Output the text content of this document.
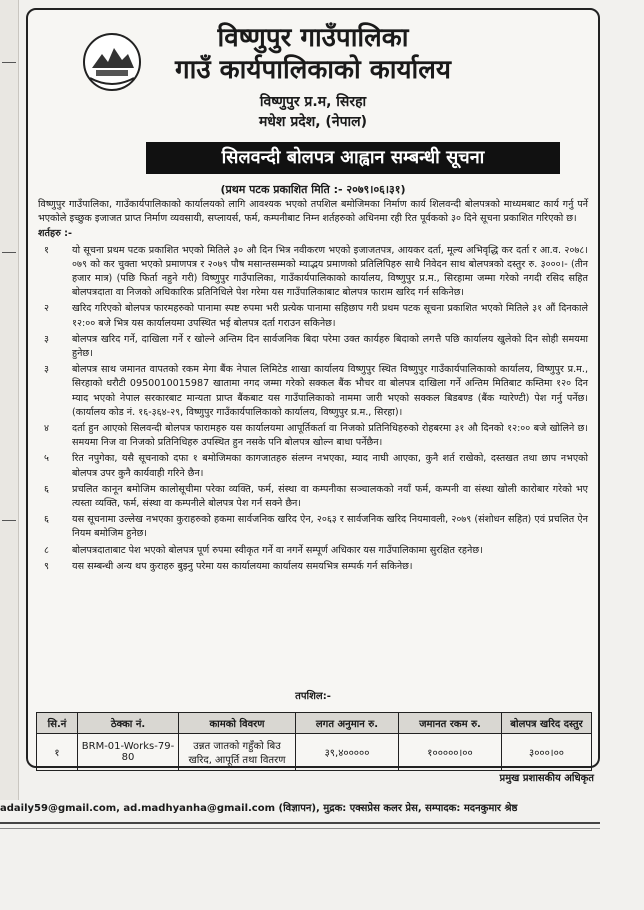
विष्णुपुर गाउँपालिका
गाउँ कार्यपालिकाको कार्यालय
विष्णुपुर प्र.म, सिरहा
मधेश प्रदेश, (नेपाल)
सिलवन्दी बोलपत्र आह्वान सम्बन्धी सूचना
(प्रथम पटक प्रकाशित मिति :- २०७९।०६।३१)
विष्णुपुर गाउँपालिका, गाउँकार्यपालिकाको कार्यालयको लागि आवश्यक भएको तपशिल बमोजिमका निर्माण कार्य शिलवन्दी बोलपत्रको माध्यमबाट कार्य गर्नु पर्ने भएकोले इच्छुक इजाजत प्राप्त निर्माण व्यवसायी, सप्लायर्स, फर्म, कम्पनीबाट निम्न शर्तहरुको अधिनमा रही रित पूर्वकको ३० दिने सूचना प्रकाशित गरिएको छ।
शर्तहरु :-
१ यो सूचना प्रथम पटक प्रकाशित भएको मितिले ३० औ दिन भित्र नवीकरण भएको इजाजतपत्र, आयकर दर्ता, मूल्य अभिवृद्धि कर दर्ता र आ.व. २०७८।०७९ को कर चुक्ता भएको प्रमाणपत्र र २०७९ पौष मसान्तसम्मको म्याद्भय प्रमाणको प्रतिलिपिहरु साथै निवेदन साथ बोलपत्रको दस्तुर रु. ३०००।- (तीन हजार मात्र) (पछि फिर्ता नहुने गरी) विष्णुपुर गाउँपालिका, गाउँकार्यपालिकाको कार्यालय, विष्णुपुर प्र.म., सिरहामा जम्मा गरेको नगदी रसिद सहित बोलपत्रदाता वा निजको अधिकारिक प्रतिनिधिले पेश गरेमा यस गाउँपालिकाबाट बोलपत्र फाराम खरिद गर्न सकिनेछ।
२ खरिद गरिएको बोलपत्र फारमहरुको पानामा स्पष्ट रुपमा भरी प्रत्येक पानामा सहिछाप गरी प्रथम पटक सूचना प्रकाशित भएको मितिले ३१ औं दिनकाले १२:०० बजे भित्र यस कार्यालयमा उपस्थित भई बोलपत्र दर्ता गराउन सकिनेछ।
३ बोलपत्र खरिद गर्ने, दाखिला गर्ने र खोल्ने अन्तिम दिन सार्वजनिक बिदा परेमा उक्त कार्यहरु बिदाको लगत्तै पछि कार्यालय खुलेको दिन सोही समयमा हुनेछ।
३ बोलपत्र साथ जमानत वापतको रकम मेगा बैंक नेपाल लिमिटेड शाखा कार्यालय विष्णुपुर स्थित विष्णुपुर गाउँकार्यपालिकाको कार्यालय, विष्णुपुर प्र.म., सिरहाको धरौटी 0950010015987 खातामा नगद जम्मा गरेको सक्कल बैंक भौचर वा बोलपत्र दाखिला गर्ने अन्तिम मितिबाट कम्तिमा १२० दिन म्याद भएको नेपाल सरकारबाट मान्यता प्राप्त बैंकबाट यस गाउँपालिकाको नाममा जारी भएको सक्कल बिडबण्ड (बैंक ग्यारेण्टी) पेश गर्नु पर्नेछ। (कार्यालय कोड नं. १६-३६४-२९, विष्णुपुर गाउँकार्यपालिकाको कार्यालय, विष्णुपुर प्र.म., सिरहा)।
४ दर्ता हुन आएको सिलवन्दी बोलपत्र फारामहरु यस कार्यालयमा आपूर्तिकर्ता वा निजको प्रतिनिधिहरुको रोहबरमा ३१ औ दिनको १२:०० बजे खोलिने छ। समयमा निज वा निजको प्रतिनिधिहरु उपस्थित हुन नसके पनि बोलपत्र खोल्न बाधा पर्नेछैन।
५ रित नपुगेका, यसै सूचनाको दफा १ बमोजिमका कागजातहरु संलग्न नभएका, म्याद नाघी आएका, कुनै शर्त राखेको, दस्तखत तथा छाप नभएको बोलपत्र उपर कुनै कार्यवाही गरिने छैन।
६ प्रचलित कानून बमोजिम कालोसूचीमा परेका व्यक्ति, फर्म, संस्था वा कम्पनीका सञ्चालकको नयाँ फर्म, कम्पनी वा संस्था खोली कारोबार गरेको भए त्यस्ता व्यक्ति, फर्म, संस्था वा कम्पनीले बोलपत्र पेश गर्न सक्ने छैन।
६ यस सूचनामा उल्लेख नभएका कुराहरुको हकमा सार्वजनिक खरिद ऐन, २०६३ र सार्वजनिक खरिद नियमावली, २०७९ (संशोधन सहित) एवं प्रचलित ऐन नियम बमोजिम हुनेछ।
८ बोलपत्रदाताबाट पेश भएको बोलपत्र पूर्ण रुपमा स्वीकृत गर्ने वा नगर्ने सम्पूर्ण अधिकार यस गाउँपालिकामा सुरक्षित रहनेछ।
९ यस सम्बन्धी अन्य थप कुराहरु बुझ्नु परेमा यस कार्यालयमा कार्यालय समयभित्र सम्पर्क गर्न सकिनेछ।
तपशिल:-
सि.नं	ठेक्का नं.	कामको विवरण	लगत अनुमान रु.	जमानत रकम रु.	बोलपत्र खरिद दस्तुर
१	BRM-01-Works-79-80	उन्नत जातको गहुँको बिउ खरिद, आपूर्ति तथा वितरण	३९,४०००००	१०००००।००	३०००।००
प्रमुख प्रशासकीय अधिकृत
adaily59@gmail.com, ad.madhyanha@gmail.com (विज्ञापन), मुद्रक: एक्सप्रेस कलर प्रेस, सम्पादक: मदनकुमार श्रेष्ठ
